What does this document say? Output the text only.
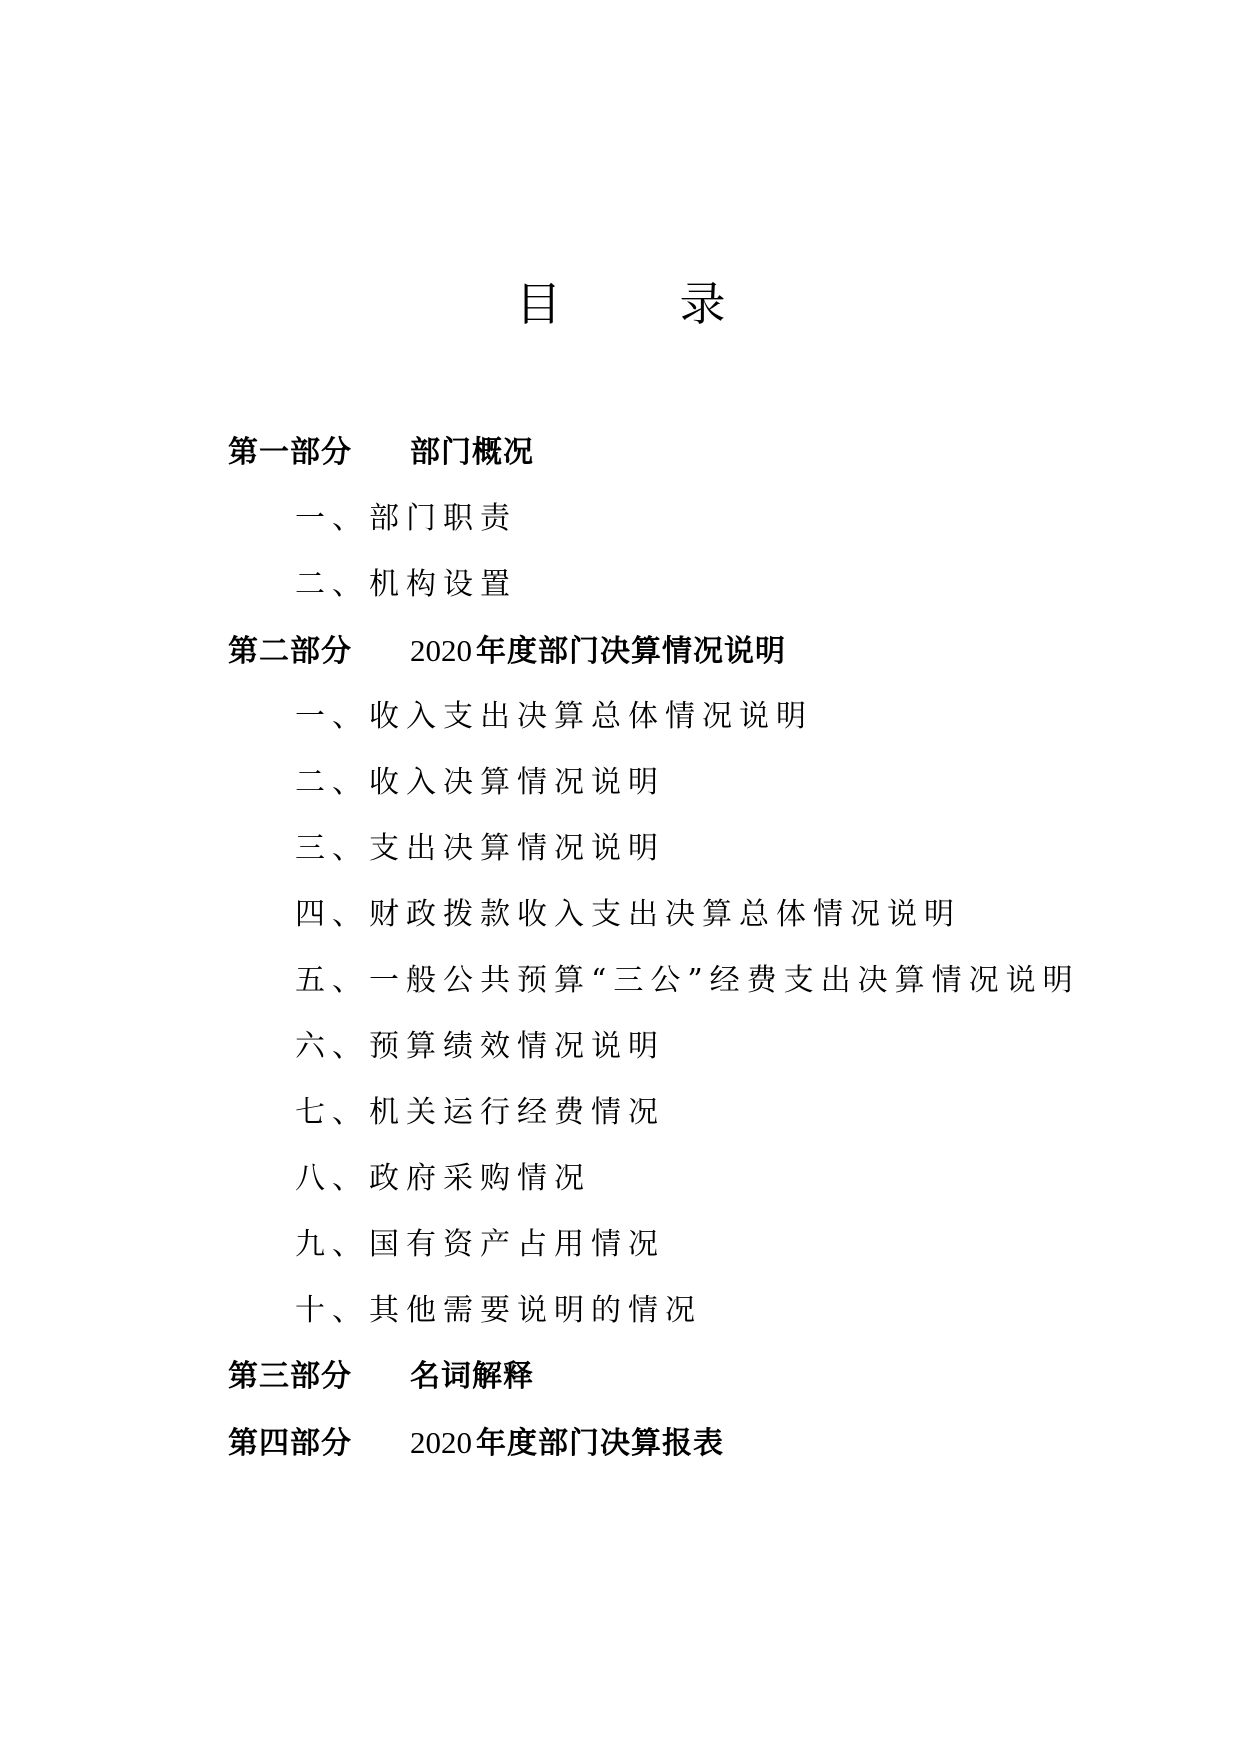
目	录
第一部分 部门概况
一、部门职责
二、机构设置
第二部分 2020 年度部门决算情况说明
一、收入支出决算总体情况说明
二、收入决算情况说明
三、支出决算情况说明
四、财政拨款收入支出决算总体情况说明
五、一般公共预算“三公”经费支出决算情况说明
六、预算绩效情况说明
七、机关运行经费情况
八、政府采购情况
九、国有资产占用情况
十、其他需要说明的情况
第三部分 名词解释
第四部分 2020 年度部门决算报表
